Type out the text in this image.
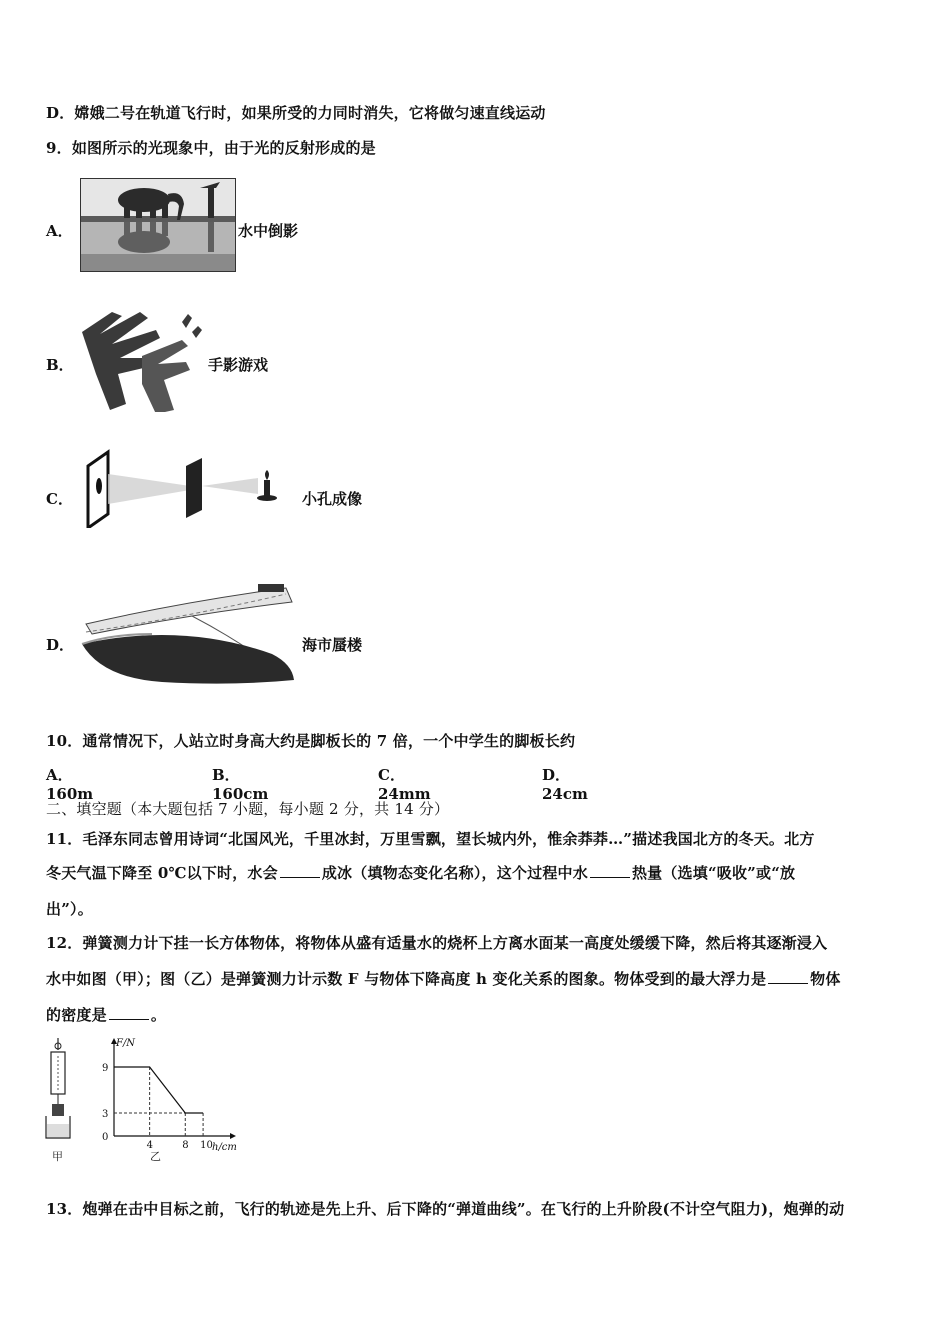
D．嫦娥二号在轨道飞行时，如果所受的力同时消失，它将做匀速直线运动
9．如图所示的光现象中，由于光的反射形成的是
A．	水中倒影
B．	手影游戏
C．	小孔成像
D．	海市蜃楼
10．通常情况下，人站立时身高大约是脚板长的 7 倍，一个中学生的脚板长约
A．160m
B．160cm
C．24mm
D．24cm
二、填空题（本大题包括 7 小题，每小题 2 分，共 14 分）
11．毛泽东同志曾用诗词“北国风光，千里冰封，万里雪飘，望长城内外，惟余莽莽…”描述我国北方的冬天。北方
冬天气温下降至 0℃以下时，水会	成冰（填物态变化名称），这个过程中水	热量（选填“吸收”或“放
出”）。
12．弹簧测力计下挂一长方体物体，将物体从盛有适量水的烧杯上方离水面某一高度处缓缓下降，然后将其逐渐浸入
水中如图（甲）；图（乙）是弹簧测力计示数 F 与物体下降高度 h 变化关系的图象。物体受到的最大浮力是	物体
的密度是	。
甲
F/N
h/cm
0
4	8 10
9
3
乙
13．炮弹在击中目标之前，飞行的轨迹是先上升、后下降的“弹道曲线”。在飞行的上升阶段(不计空气阻力)，炮弹的动
